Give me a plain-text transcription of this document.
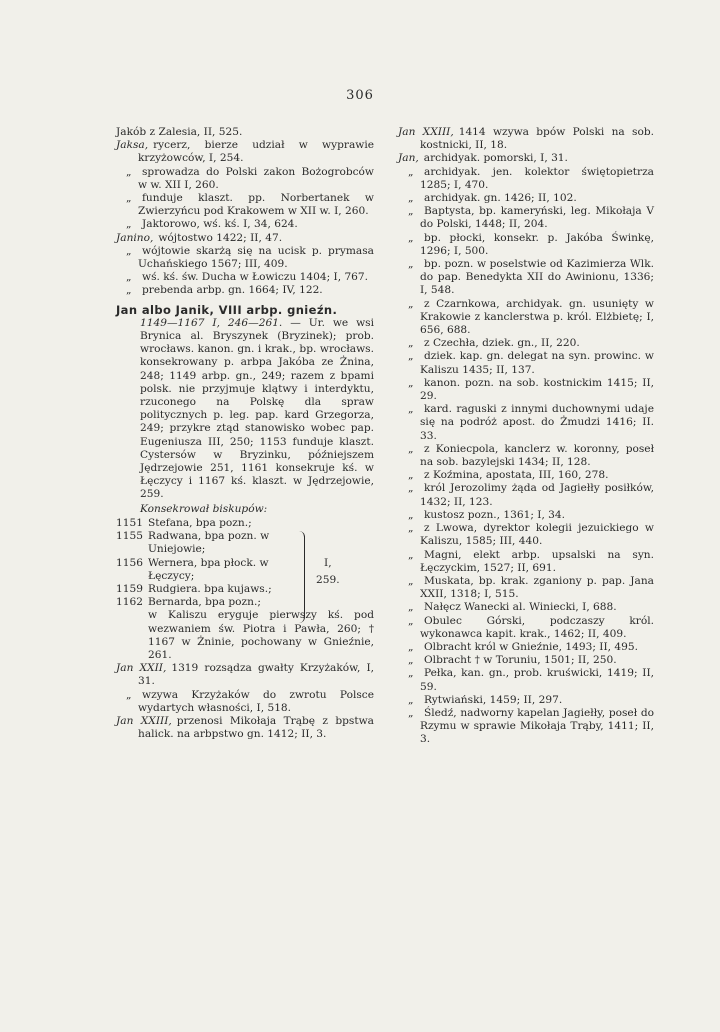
306
Jakób z Zalesia, II, 525.
Jaksa, rycerz, bierze udział w wyprawie krzyżowców, I, 254.
„ sprowadza do Polski zakon Bożogrobców w w. XII I, 260.
„ funduje klaszt. pp. Norbertanek w Zwierzyńcu pod Krakowem w XII w. I, 260.
„ Jaktorowo, wś. kś. I, 34, 624.
Janino, wójtostwo 1422; II, 47.
„ wójtowie skarżą się na ucisk p. prymasa Uchańskiego 1567; III, 409.
„ wś. kś. św. Ducha w Łowiczu 1404; I, 767.
„ prebenda arbp. gn. 1664; IV, 122.
Jan albo Janik, VIII arbp. gnieźn.
1149—1167 I, 246—261. — Ur. we wsi Brynica al. Bryszynek (Bryzinek); prob. wrocławs. kanon. gn. i krak., bp. wrocławs. konsekrowany p. arbpa Jakóba ze Żnina, 248; 1149 arbp. gn., 249; razem z bpami polsk. nie przyjmuje klątwy i interdyktu, rzuconego na Polskę dla spraw politycznych p. leg. pap. kard Grzegorza, 249; przykre ztąd stanowisko wobec pap. Eugeniusza III, 250; 1153 funduje klaszt. Cystersów w Bryzinku, późniejszem Jędrzejowie 251, 1161 konsekruje kś. w Łęczycy i 1167 kś. klaszt. w Jędrzejowie, 259.
Konsekrował biskupów:
1151 Stefana, bpa pozn.;
1155 Radwana, bpa pozn. w Uniejowie;
1156 Wernera, bpa płock. w Łęczycy;
1159 Rudgiera. bpa kujaws.;
1162 Bernarda, bpa pozn.;
I,
259.
w Kaliszu eryguje pierwszy kś. pod wezwaniem św. Piotra i Pawła, 260; † 1167 w Żninie, pochowany w Gnieźnie, 261.
Jan XXII, 1319 rozsądza gwałty Krzyżaków, I, 31.
„ wzywa Krzyżaków do zwrotu Polsce wydartych własności, I, 518.
Jan XXIII, przenosi Mikołaja Trąbę z bpstwa halick. na arbpstwo gn. 1412; II, 3.
Jan XXIII, 1414 wzywa bpów Polski na sob. kostnicki, II, 18.
Jan, archidyak. pomorski, I, 31.
„ archidyak. jen. kolektor świętopietrza 1285; I, 470.
„ archidyak. gn. 1426; II, 102.
„ Baptysta, bp. kameryński, leg. Mikołaja V do Polski, 1448; II, 204.
„ bp. płocki, konsekr. p. Jakóba Świnkę, 1296; I, 500.
„ bp. pozn. w poselstwie od Kazimierza Wlk. do pap. Benedykta XII do Awinionu, 1336; I, 548.
„ z Czarnkowa, archidyak. gn. usunięty w Krakowie z kanclerstwa p. król. Elżbietę; I, 656, 688.
„ z Czechła, dziek. gn., II, 220.
„ dziek. kap. gn. delegat na syn. prowinc. w Kaliszu 1435; II, 137.
„ kanon. pozn. na sob. kostnickim 1415; II, 29.
„ kard. raguski z innymi duchownymi udaje się na podróż apost. do Żmudzi 1416; II. 33.
„ z Koniecpola, kanclerz w. koronny, poseł na sob. bazylejski 1434; II, 128.
„ z Koźmina, apostata, III, 160, 278.
„ król Jerozolimy żąda od Jagiełły posiłków, 1432; II, 123.
„ kustosz pozn., 1361; I, 34.
„ z Lwowa, dyrektor kolegii jezuickiego w Kaliszu, 1585; III, 440.
„ Magni, elekt arbp. upsalski na syn. Łęczyckim, 1527; II, 691.
„ Muskata, bp. krak. zganiony p. pap. Jana XXII, 1318; I, 515.
„ Nałęcz Wanecki al. Winiecki, I, 688.
„ Obulec Górski, podczaszy król. wykonawca kapit. krak., 1462; II, 409.
„ Olbracht król w Gnieźnie, 1493; II, 495.
„ Olbracht † w Toruniu, 1501; II, 250.
„ Pełka, kan. gn., prob. kruświcki, 1419; II, 59.
„ Rytwiański, 1459; II, 297.
„ Śledź, nadworny kapelan Jagiełły, poseł do Rzymu w sprawie Mikołaja Trąby, 1411; II, 3.
